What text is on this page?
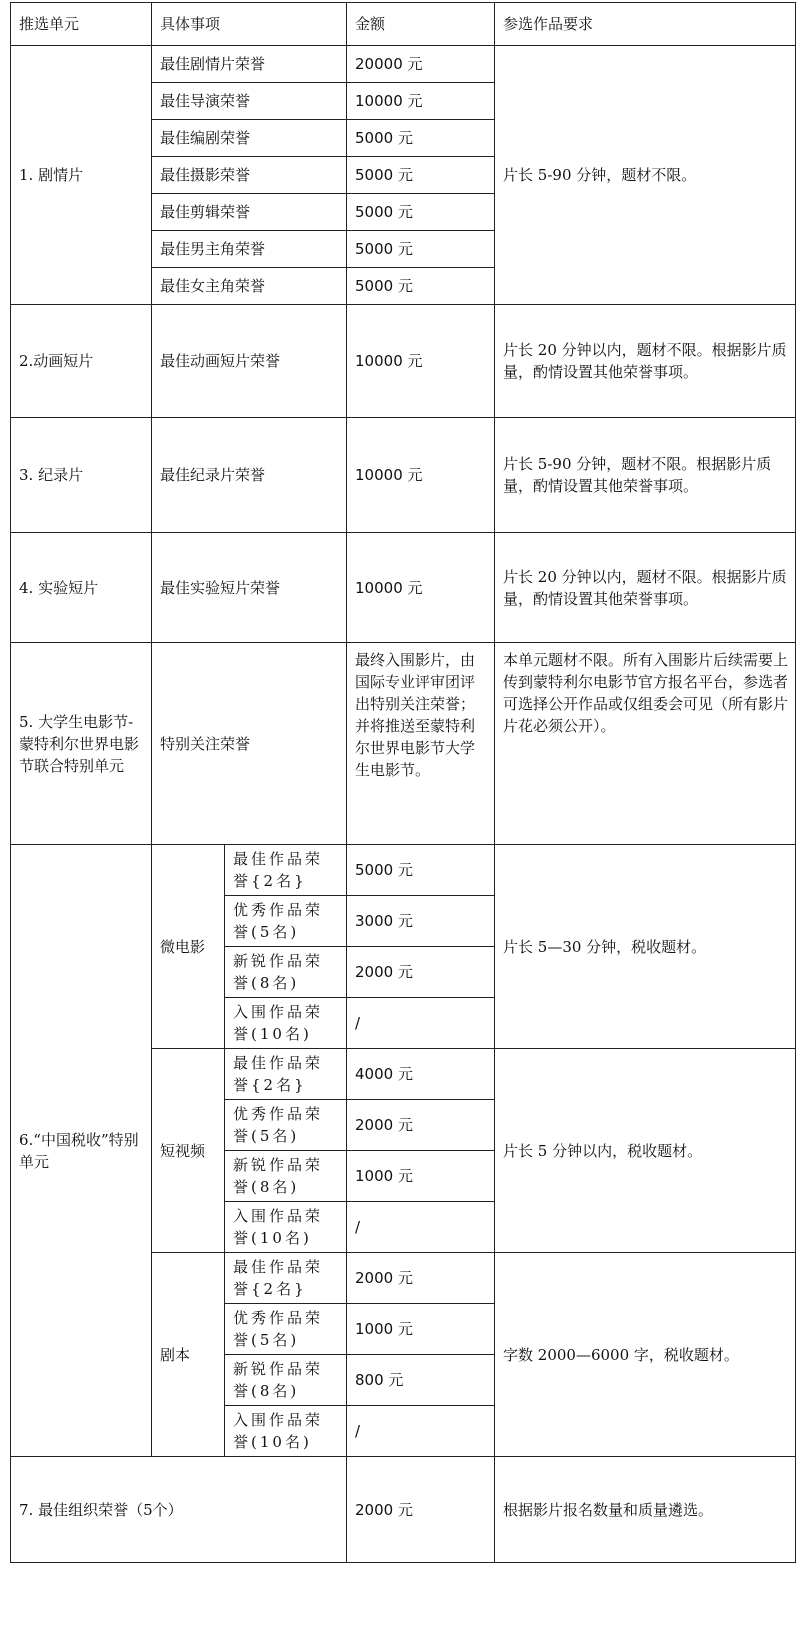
推选单元	具体事项		金额	参选作品要求
1. 剧情片	最佳剧情片荣誉		20000 元	片长 5-90 分钟，题材不限。
	最佳导演荣誉		10000 元	
	最佳编剧荣誉		5000 元	
	最佳摄影荣誉		5000 元	
	最佳剪辑荣誉		5000 元	
	最佳男主角荣誉		5000 元	
	最佳女主角荣誉		5000 元	
2.动画短片	最佳动画短片荣誉		10000 元	片长 20 分钟以内，题材不限。根据影片质量，酌情设置其他荣誉事项。
3. 纪录片	最佳纪录片荣誉		10000 元	片长 5-90 分钟，题材不限。根据影片质量，酌情设置其他荣誉事项。
4. 实验短片	最佳实验短片荣誉		10000 元	片长 20 分钟以内，题材不限。根据影片质量，酌情设置其他荣誉事项。
5. 大学生电影节-蒙特利尔世界电影节联合特别单元	特别关注荣誉		最终入围影片，由国际专业评审团评出特别关注荣誉；并将推送至蒙特利尔世界电影节大学生电影节。	本单元题材不限。所有入围影片后续需要上传到蒙特利尔电影节官方报名平台，参选者可选择公开作品或仅组委会可见（所有影片片花必须公开）。
6.“中国税收”特别单元	微电影	最佳作品荣誉{2名}	5000 元	片长 5—30 分钟，税收题材。
		优秀作品荣誉(5名)	3000 元	
		新锐作品荣誉(8名)	2000 元	
		入围作品荣誉(10名)	/	
	短视频	最佳作品荣誉{2名}	4000 元	片长 5 分钟以内，税收题材。
		优秀作品荣誉(5名)	2000 元	
		新锐作品荣誉(8名)	1000 元	
		入围作品荣誉(10名)	/	
	剧本	最佳作品荣誉{2名}	2000 元	字数 2000—6000 字，税收题材。
		优秀作品荣誉(5名)	1000 元	
		新锐作品荣誉(8名)	800 元	
		入围作品荣誉(10名)	/	
7. 最佳组织荣誉（5个）			2000 元	根据影片报名数量和质量遴选。
